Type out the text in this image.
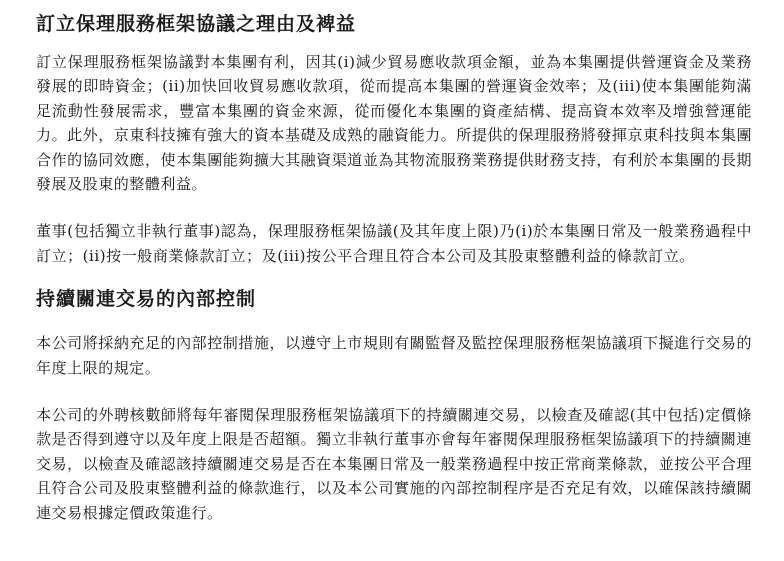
訂立保理服務框架協議之理由及裨益

訂立保理服務框架協議對本集團有利，因其(i)減少貿易應收款項金額，並為本集團提供營運資金及業務發展的即時資金；(ii)加快回收貿易應收款項，從而提高本集團的營運資金效率；及(iii)使本集團能夠滿足流動性發展需求，豐富本集團的資金來源，從而優化本集團的資產結構、提高資本效率及增強營運能力。此外，京東科技擁有強大的資本基礎及成熟的融資能力。所提供的保理服務將發揮京東科技與本集團合作的協同效應，使本集團能夠擴大其融資渠道並為其物流服務業務提供財務支持，有利於本集團的長期發展及股東的整體利益。

董事(包括獨立非執行董事)認為，保理服務框架協議(及其年度上限)乃(i)於本集團日常及一般業務過程中訂立；(ii)按一般商業條款訂立；及(iii)按公平合理且符合本公司及其股東整體利益的條款訂立。

持續關連交易的內部控制

本公司將採納充足的內部控制措施，以遵守上市規則有關監督及監控保理服務框架協議項下擬進行交易的年度上限的規定。

本公司的外聘核數師將每年審閱保理服務框架協議項下的持續關連交易，以檢查及確認(其中包括)定價條款是否得到遵守以及年度上限是否超額。獨立非執行董事亦會每年審閱保理服務框架協議項下的持續關連交易，以檢查及確認該持續關連交易是否在本集團日常及一般業務過程中按正常商業條款，並按公平合理且符合公司及股東整體利益的條款進行，以及本公司實施的內部控制程序是否充足有效，以確保該持續關連交易根據定價政策進行。
